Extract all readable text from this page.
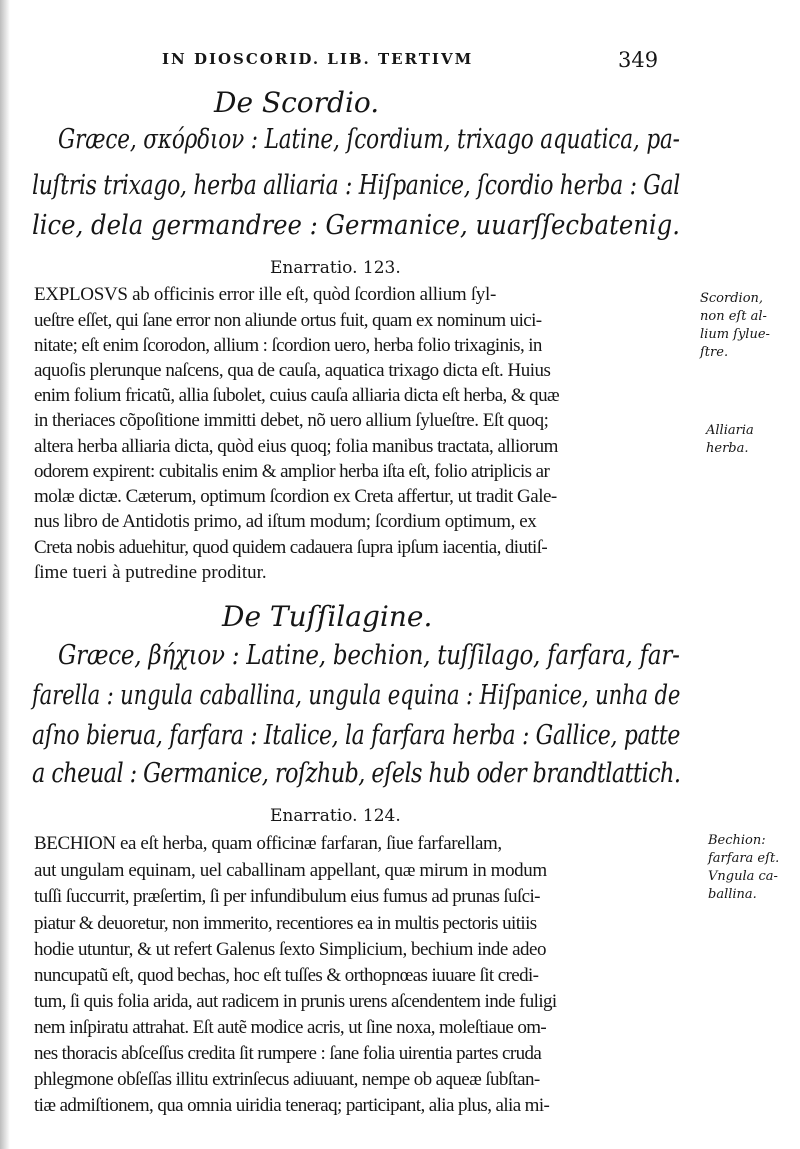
IN DIOSCORID. LIB. TERTIVM	349
De Scordio.
Græce, σκόρδιον : Latine, ſcordium, trixago aquatica, pa-
luſtris trixago, herba alliaria : Hiſpanice, ſcordio herba : Gal
lice, dela germandree : Germanice, uuarſſecbatenig.
Enarratio. 123.
EXPLOSVS ab officinis error ille eſt, quòd ſcordion allium ſyl-
ueſtre eſſet, qui ſane error non aliunde ortus fuit, quam ex nominum uici-
nitate; eſt enim ſcorodon, allium : ſcordion uero, herba folio trixaginis, in
aquoſis plerunque naſcens, qua de cauſa, aquatica trixago dicta eſt. Huius
enim folium fricatũ, allia ſubolet, cuius cauſa alliaria dicta eſt herba, & quæ
in theriaces cõpoſitione immitti debet, nõ uero allium ſylueſtre. Eſt quoq;
altera herba alliaria dicta, quòd eius quoq; folia manibus tractata, alliorum
odorem expirent: cubitalis enim & amplior herba iſta eſt, folio atriplicis ar
molæ dictæ. Cæterum, optimum ſcordion ex Creta affertur, ut tradit Gale-
nus libro de Antidotis primo, ad iſtum modum; ſcordium optimum, ex
Creta nobis aduehitur, quod quidem cadauera ſupra ipſum iacentia, diutiſ-
ſime tueri à putredine proditur.
Scordion, non eſt al- lium ſylue- ſtre.
Alliaria herba.
De Tuſſilagine.
Græce, βήχιον : Latine, bechion, tuſſilago, farfara, far-
farella : ungula caballina, ungula equina : Hiſpanice, unha de
aſno bierua, farfara : Italice, la farfara herba : Gallice, patte
a cheual : Germanice, roſzhub, eſels hub oder brandtlattich.
Enarratio. 124.
BECHION ea eſt herba, quam officinæ farfaran, ſiue farfarellam,
aut ungulam equinam, uel caballinam appellant, quæ mirum in modum
tuſſi ſuccurrit, præſertim, ſi per infundibulum eius fumus ad prunas ſuſci-
piatur & deuoretur, non immerito, recentiores ea in multis pectoris uitiis
hodie utuntur, & ut refert Galenus ſexto Simplicium, bechium inde adeo
nuncupatũ eſt, quod bechas, hoc eſt tuſſes & orthopnœas iuuare ſit credi-
tum, ſi quis folia arida, aut radicem in prunis urens aſcendentem inde fuligi
nem inſpiratu attrahat. Eſt autẽ modice acris, ut ſine noxa, moleſtiaue om-
nes thoracis abſceſſus credita ſit rumpere : ſane folia uirentia partes cruda
phlegmone obſeſſas illitu extrinſecus adiuuant, nempe ob aqueæ ſubſtan-
tiæ admiſtionem, qua omnia uiridia teneraq; participant, alia plus, alia mi-
Bechion: farfara eſt. Vngula ca- ballina.
